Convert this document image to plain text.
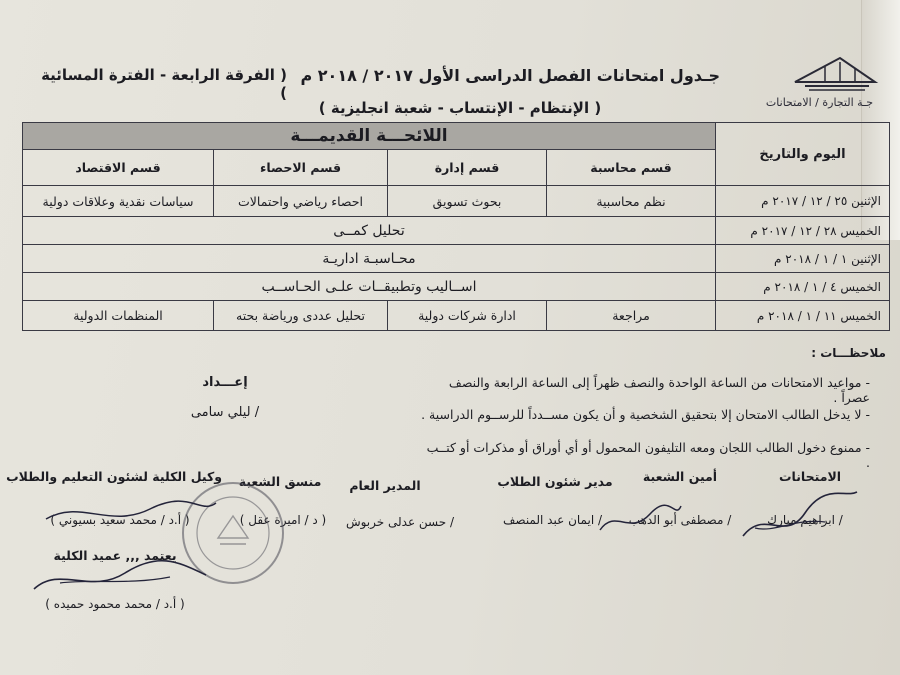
جـة التجارة / الامتحانات
جـدول امتحانات الفصل الدراسى الأول ٢٠١٧ / ٢٠١٨ م
( الفرقة الرابعة - الفترة المسائية )
( الإنتظام - الإنتساب - شعبة انجليزية )
اليوم والتاريخ	اللائحـــة القديمـــة			
	قسم محاسبة	قسم إدارة	قسم الاحصاء	قسم الاقتصاد
الإثنين ٢٥ / ١٢ / ٢٠١٧ م	نظم محاسبية	بحوث تسويق	احصاء رياضي واحتمالات	سياسات نقدية وعلاقات دولية
الخميس ٢٨ / ١٢ / ٢٠١٧ م	تحليل كمــى			
الإثنين ١ / ١ / ٢٠١٨ م	محـاسبـة اداريـة			
الخميس ٤ / ١ / ٢٠١٨ م	اســاليب وتطبيقــات علـى الحـاســب			
الخميس ١١ / ١ / ٢٠١٨ م	مراجعة	ادارة شركات دولية	تحليل عددى ورياضة بحته	المنظمات الدولية
ملاحظـــات :
- مواعيد الامتحانات من الساعة الواحدة والنصف ظهراً إلى الساعة الرابعة والنصف عصراً .
- لا يدخل الطالب الامتحان إلا بتحقيق الشخصية و أن يكون مســدداً للرســوم الدراسية .
- ممنوع دخول الطالب اللجان ومعه التليفون المحمول أو أي أوراق أو مذكرات أو كتــب .
إعـــداد
/ ليلي سامى
الامتحانات
/ ابراهيم مبارك
أمين الشعبة
/ مصطفى أبو الدهب
مدير شئون الطلاب
/ ايمان عبد المنصف
المدير العام
/ حسن عدلى خربوش
منسق الشعبة
( د / اميرة عقل )
وكيل الكلية لشئون التعليم والطلاب
( أ.د / محمد سعيد بسيوني )
يعتمد ,,, عميد الكلية
( أ.د / محمد محمود حميده )
